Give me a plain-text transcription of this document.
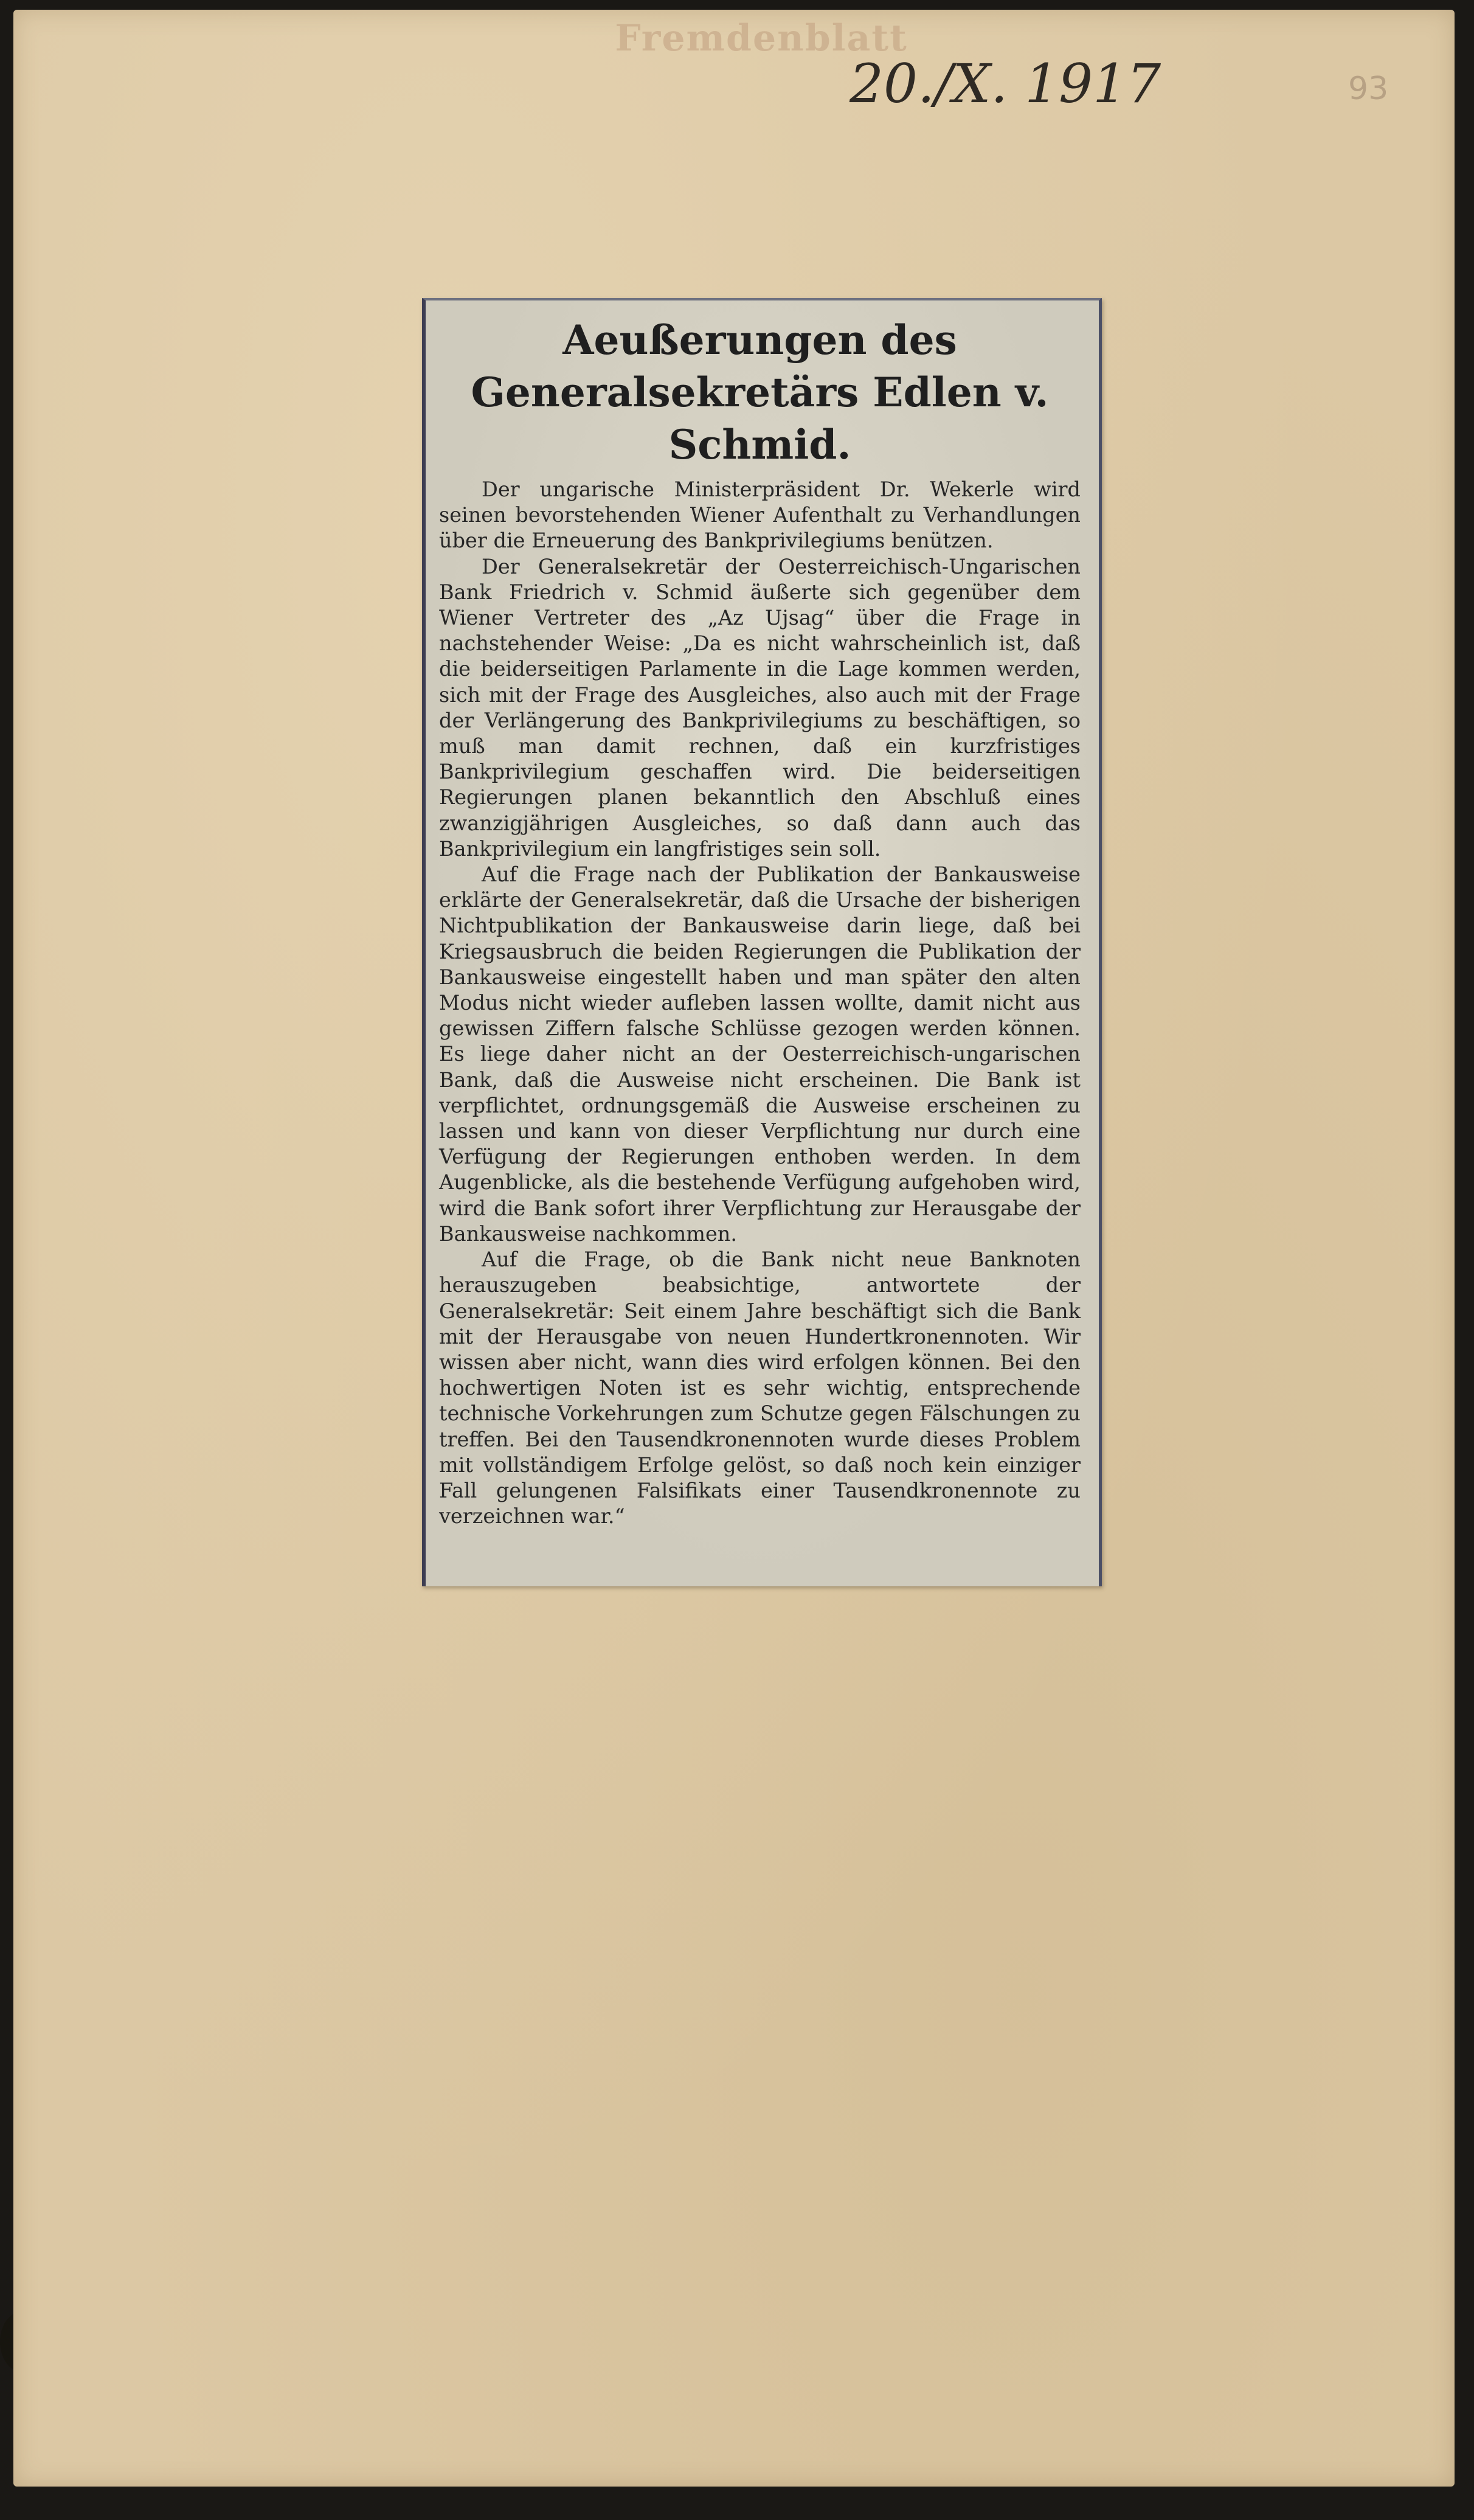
Fremdenblatt
20./X. 1917	93
Aeußerungen des Generalsekretärs Edlen v. Schmid.

Der ungarische Ministerpräsident Dr. Wekerle wird seinen bevorstehenden Wiener Aufenthalt zu Verhandlungen über die Erneuerung des Bankprivilegiums benützen.

Der Generalsekretär der Oesterreichisch-Ungarischen Bank Friedrich v. Schmid äußerte sich gegenüber dem Wiener Vertreter des „Az Ujsag“ über die Frage in nachstehender Weise: „Da es nicht wahrscheinlich ist, daß die beiderseitigen Parlamente in die Lage kommen werden, sich mit der Frage des Ausgleiches, also auch mit der Frage der Verlängerung des Bankprivilegiums zu beschäftigen, so muß man damit rechnen, daß ein kurzfristiges Bankprivilegium geschaffen wird. Die beiderseitigen Regierungen planen bekanntlich den Abschluß eines zwanzigjährigen Ausgleiches, so daß dann auch das Bankprivilegium ein langfristiges sein soll.

Auf die Frage nach der Publikation der Bankausweise erklärte der Generalsekretär, daß die Ursache der bisherigen Nichtpublikation der Bankausweise darin liege, daß bei Kriegsausbruch die beiden Regierungen die Publikation der Bankausweise eingestellt haben und man später den alten Modus nicht wieder aufleben lassen wollte, damit nicht aus gewissen Ziffern falsche Schlüsse gezogen werden können. Es liege daher nicht an der Oesterreichisch-ungarischen Bank, daß die Ausweise nicht erscheinen. Die Bank ist verpflichtet, ordnungsgemäß die Ausweise erscheinen zu lassen und kann von dieser Verpflichtung nur durch eine Verfügung der Regierungen enthoben werden. In dem Augenblicke, als die bestehende Verfügung aufgehoben wird, wird die Bank sofort ihrer Verpflichtung zur Herausgabe der Bankausweise nachkommen.

Auf die Frage, ob die Bank nicht neue Banknoten herauszugeben beabsichtige, antwortete der Generalsekretär: Seit einem Jahre beschäftigt sich die Bank mit der Herausgabe von neuen Hundertkronennoten. Wir wissen aber nicht, wann dies wird erfolgen können. Bei den hochwertigen Noten ist es sehr wichtig, entsprechende technische Vorkehrungen zum Schutze gegen Fälschungen zu treffen. Bei den Tausendkronennoten wurde dieses Problem mit vollständigem Erfolge gelöst, so daß noch kein einziger Fall gelungenen Falsifikats einer Tausendkronennote zu verzeichnen war.“
